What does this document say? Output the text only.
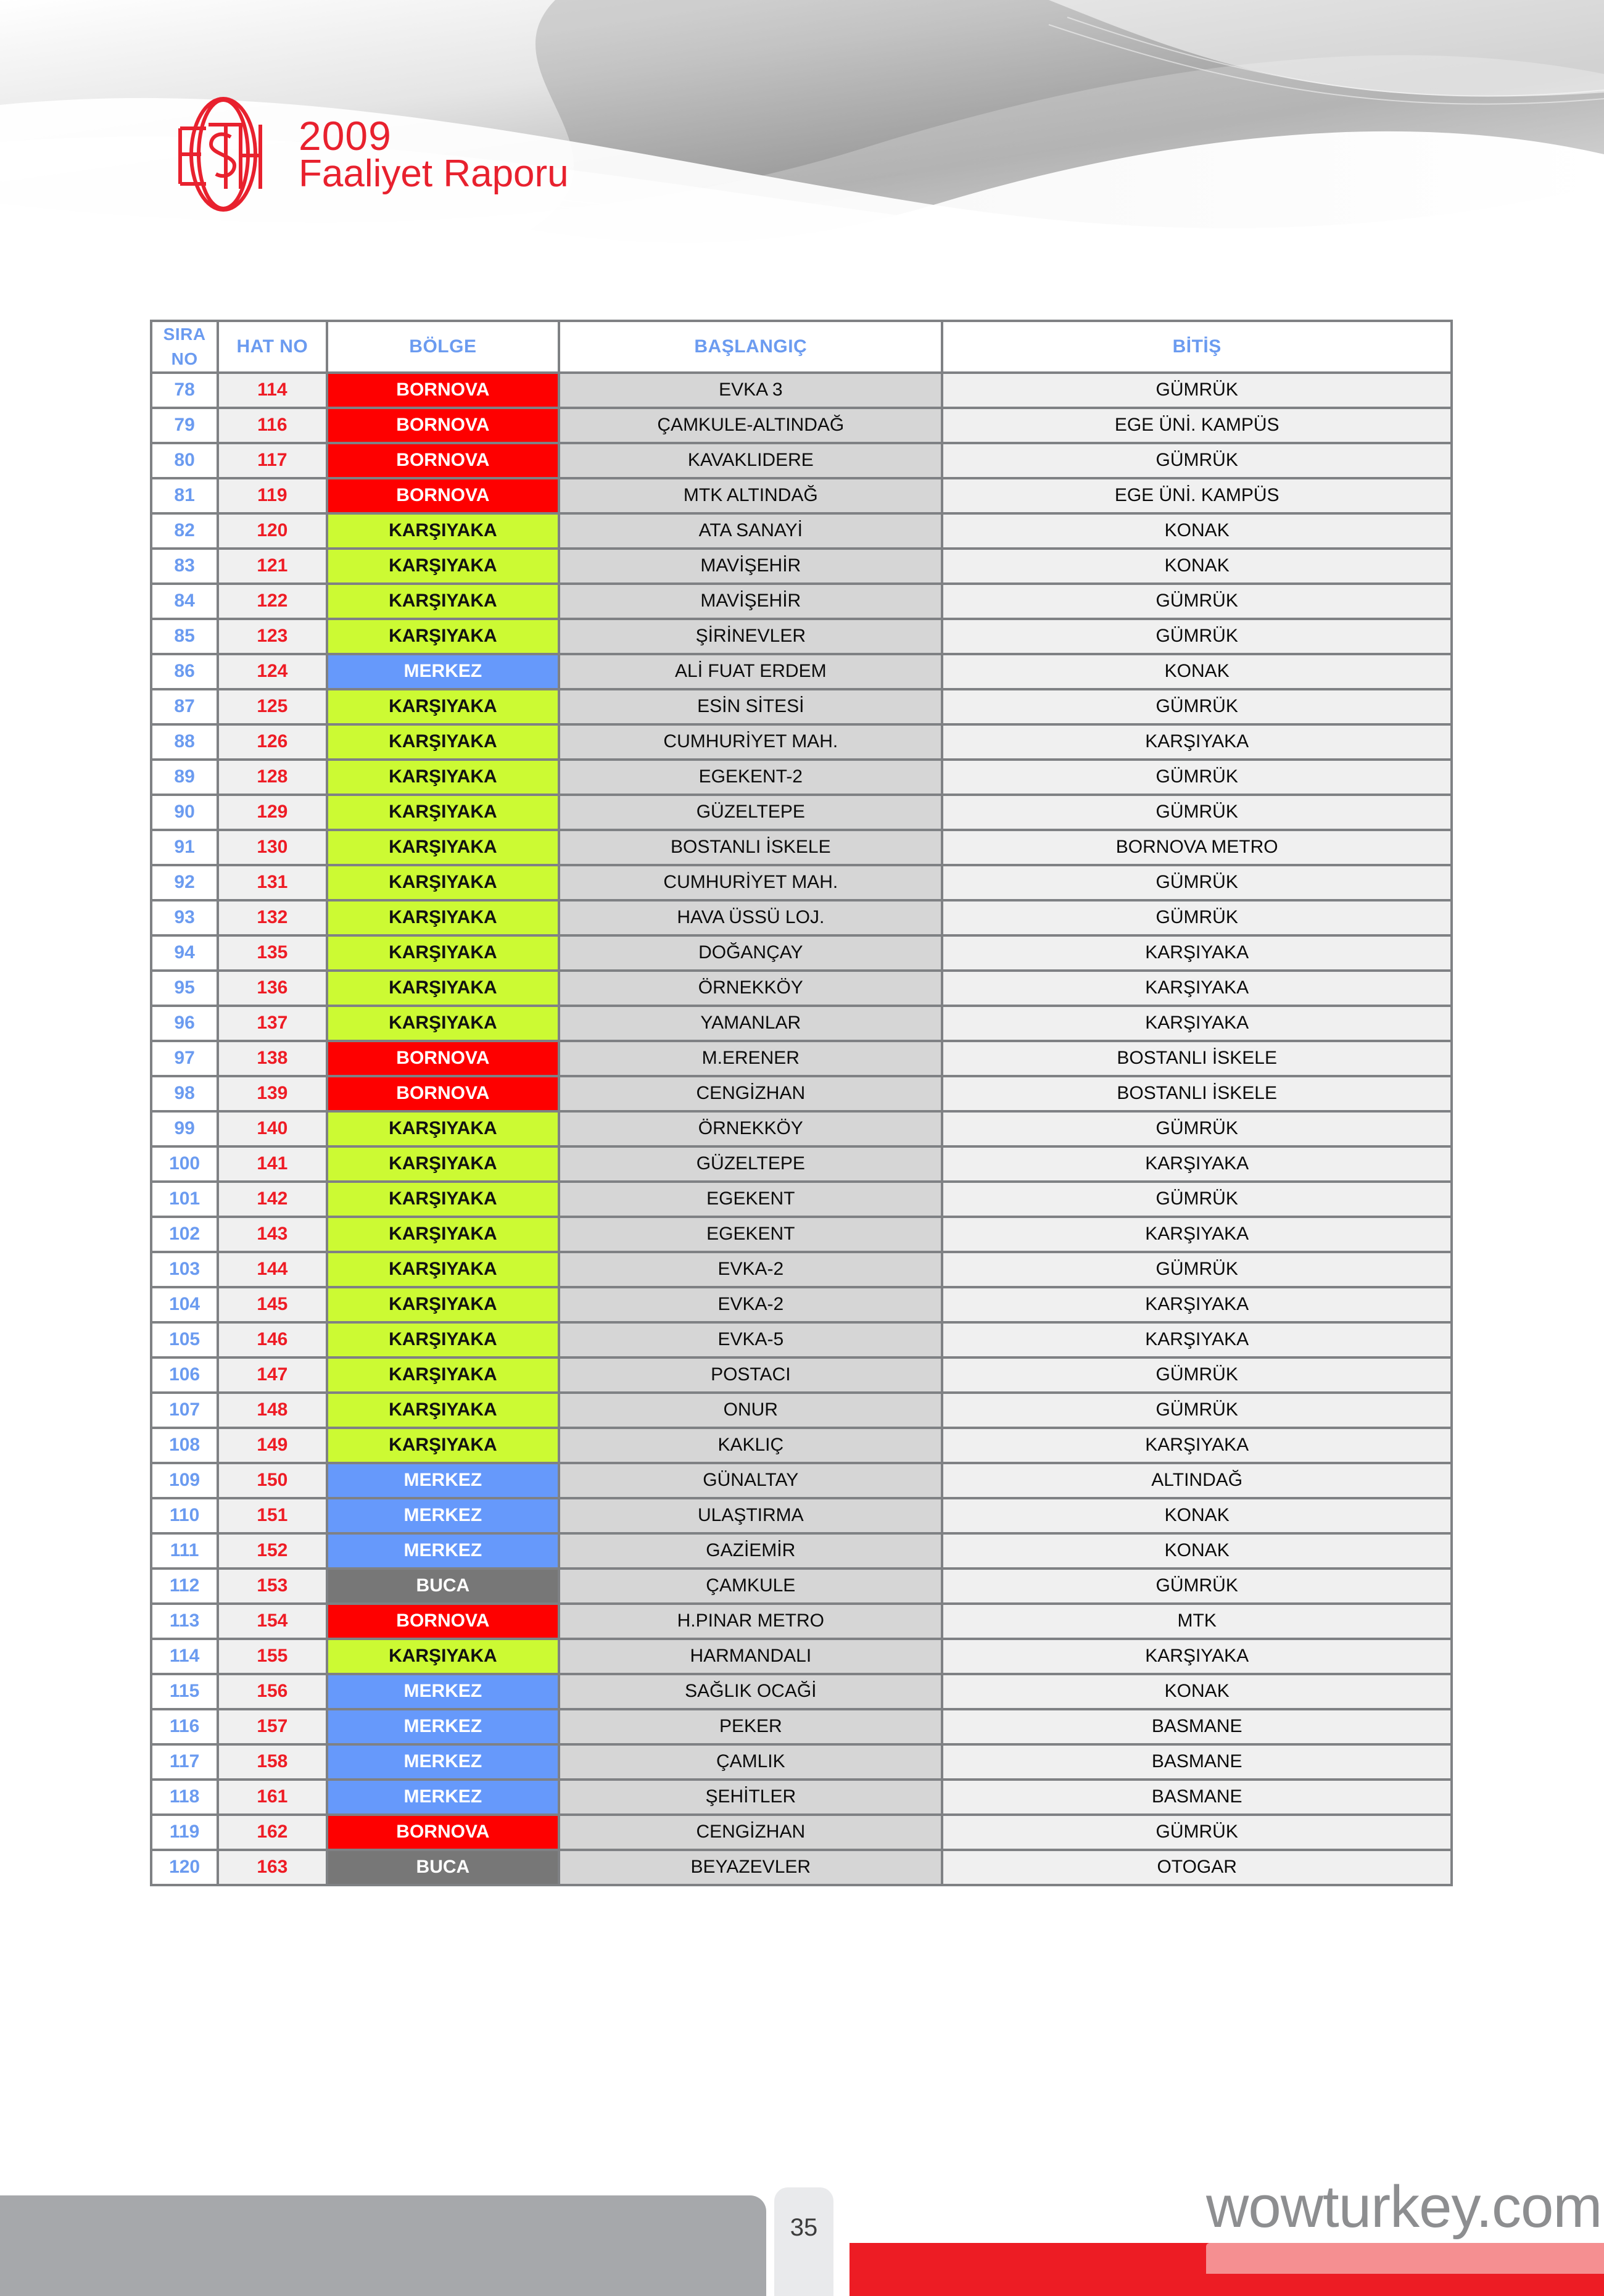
2009
Faaliyet Raporu
SIRA
NO	HAT NO	BÖLGE	BAŞLANGIÇ	BİTİŞ
78	114	BORNOVA	EVKA 3	GÜMRÜK
79	116	BORNOVA	ÇAMKULE-ALTINDAĞ	EGE ÜNİ. KAMPÜS
80	117	BORNOVA	KAVAKLIDERE	GÜMRÜK
81	119	BORNOVA	MTK ALTINDAĞ	EGE ÜNİ. KAMPÜS
82	120	KARŞIYAKA	ATA SANAYİ	KONAK
83	121	KARŞIYAKA	MAVİŞEHİR	KONAK
84	122	KARŞIYAKA	MAVİŞEHİR	GÜMRÜK
85	123	KARŞIYAKA	ŞİRİNEVLER	GÜMRÜK
86	124	MERKEZ	ALİ FUAT ERDEM	KONAK
87	125	KARŞIYAKA	ESİN SİTESİ	GÜMRÜK
88	126	KARŞIYAKA	CUMHURİYET MAH.	KARŞIYAKA
89	128	KARŞIYAKA	EGEKENT-2	GÜMRÜK
90	129	KARŞIYAKA	GÜZELTEPE	GÜMRÜK
91	130	KARŞIYAKA	BOSTANLI İSKELE	BORNOVA METRO
92	131	KARŞIYAKA	CUMHURİYET MAH.	GÜMRÜK
93	132	KARŞIYAKA	HAVA ÜSSÜ LOJ.	GÜMRÜK
94	135	KARŞIYAKA	DOĞANÇAY	KARŞIYAKA
95	136	KARŞIYAKA	ÖRNEKKÖY	KARŞIYAKA
96	137	KARŞIYAKA	YAMANLAR	KARŞIYAKA
97	138	BORNOVA	M.ERENER	BOSTANLI İSKELE
98	139	BORNOVA	CENGİZHAN	BOSTANLI İSKELE
99	140	KARŞIYAKA	ÖRNEKKÖY	GÜMRÜK
100	141	KARŞIYAKA	GÜZELTEPE	KARŞIYAKA
101	142	KARŞIYAKA	EGEKENT	GÜMRÜK
102	143	KARŞIYAKA	EGEKENT	KARŞIYAKA
103	144	KARŞIYAKA	EVKA-2	GÜMRÜK
104	145	KARŞIYAKA	EVKA-2	KARŞIYAKA
105	146	KARŞIYAKA	EVKA-5	KARŞIYAKA
106	147	KARŞIYAKA	POSTACI	GÜMRÜK
107	148	KARŞIYAKA	ONUR	GÜMRÜK
108	149	KARŞIYAKA	KAKLIÇ	KARŞIYAKA
109	150	MERKEZ	GÜNALTAY	ALTINDAĞ
110	151	MERKEZ	ULAŞTIRMA	KONAK
111	152	MERKEZ	GAZİEMİR	KONAK
112	153	BUCA	ÇAMKULE	GÜMRÜK
113	154	BORNOVA	H.PINAR METRO	MTK
114	155	KARŞIYAKA	HARMANDALI	KARŞIYAKA
115	156	MERKEZ	SAĞLIK OCAĞİ	KONAK
116	157	MERKEZ	PEKER	BASMANE
117	158	MERKEZ	ÇAMLIK	BASMANE
118	161	MERKEZ	ŞEHİTLER	BASMANE
119	162	BORNOVA	CENGİZHAN	GÜMRÜK
120	163	BUCA	BEYAZEVLER	OTOGAR
35	wowturkey.com
